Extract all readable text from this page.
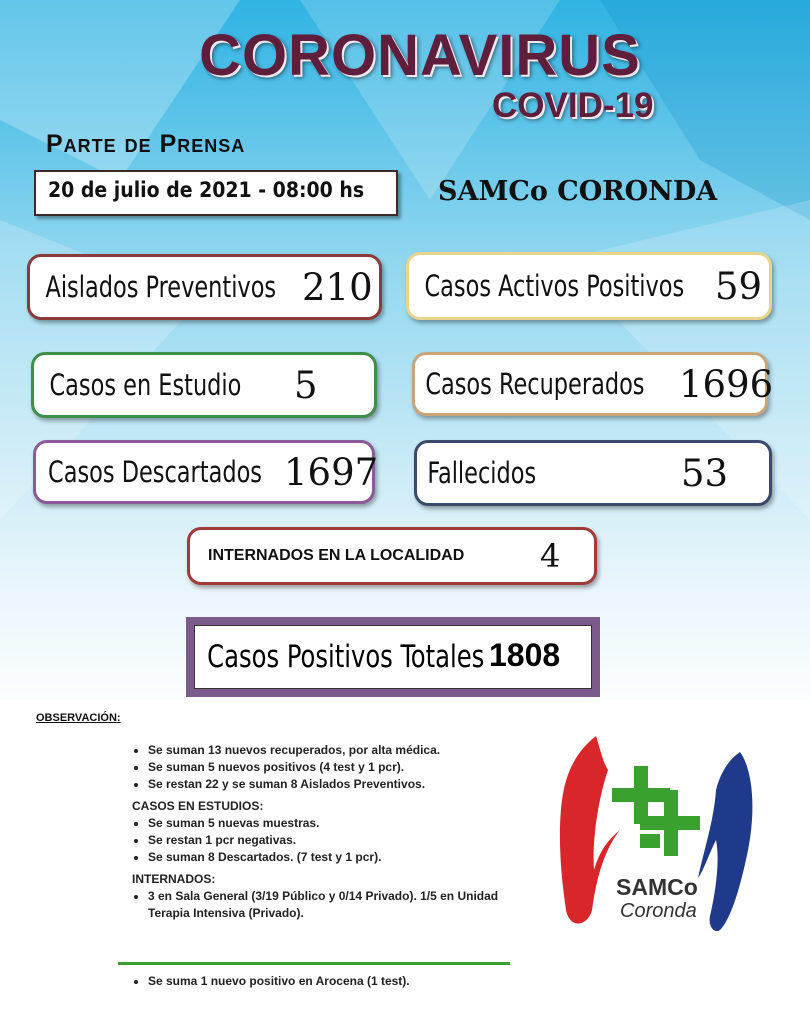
CORONAVIRUS
COVID-19
Parte de Prensa
20 de julio de 2021 - 08:00 hs	SAMCo CORONDA
Aislados Preventivos 210	Casos Activos Positivos 59
Casos en Estudio 5	Casos Recuperados 1696
Casos Descartados 1697	Fallecidos	53
INTERNADOS EN LA LOCALIDAD 4
Casos Positivos Totales 1808
OBSERVACIÓN:
• Se suman 13 nuevos recuperados, por alta médica.
• Se suman 5 nuevos positivos (4 test y 1 pcr).
• Se restan 22 y se suman 8 Aislados Preventivos.
CASOS EN ESTUDIOS:
• Se suman 5 nuevas muestras.
• Se restan 1 pcr negativas.
• Se suman 8 Descartados. (7 test y 1 pcr).
INTERNADOS:
• 3 en Sala General (3/19 Público y 0/14 Privado). 1/5 en Unidad Terapia Intensiva (Privado).
• Se suma 1 nuevo positivo en Arocena (1 test).
SAMCo
Coronda
